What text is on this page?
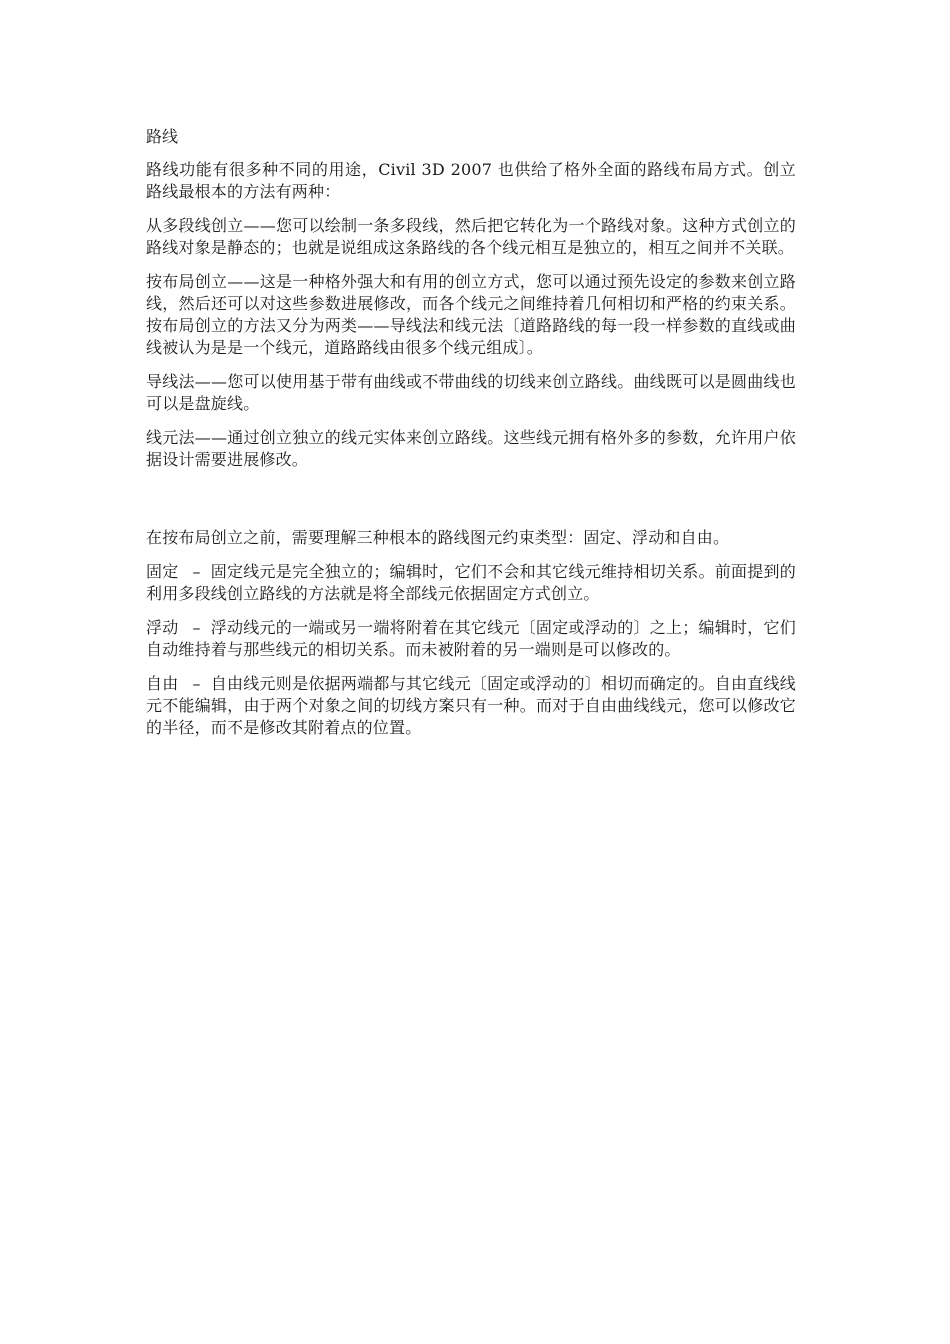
路线

路线功能有很多种不同的用途，Civil 3D 2007 也供给了格外全面的路线布局方式。创立路线最根本的方法有两种：

从多段线创立——您可以绘制一条多段线，然后把它转化为一个路线对象。这种方式创立的路线对象是静态的；也就是说组成这条路线的各个线元相互是独立的，相互之间并不关联。

按布局创立——这是一种格外强大和有用的创立方式，您可以通过预先设定的参数来创立路线，然后还可以对这些参数进展修改，而各个线元之间维持着几何相切和严格的约束关系。按布局创立的方法又分为两类——导线法和线元法〔道路路线的每一段一样参数的直线或曲线被认为是是一个线元，道路路线由很多个线元组成〕。

导线法——您可以使用基于带有曲线或不带曲线的切线来创立路线。曲线既可以是圆曲线也可以是盘旋线。

线元法——通过创立独立的线元实体来创立路线。这些线元拥有格外多的参数，允许用户依据设计需要进展修改。

在按布局创立之前，需要理解三种根本的路线图元约束类型：固定、浮动和自由。

固定 – 固定线元是完全独立的；编辑时，它们不会和其它线元维持相切关系。前面提到的利用多段线创立路线的方法就是将全部线元依据固定方式创立。

浮动 – 浮动线元的一端或另一端将附着在其它线元〔固定或浮动的〕之上；编辑时，它们自动维持着与那些线元的相切关系。而未被附着的另一端则是可以修改的。

自由 – 自由线元则是依据两端都与其它线元〔固定或浮动的〕相切而确定的。自由直线线元不能编辑，由于两个对象之间的切线方案只有一种。而对于自由曲线线元，您可以修改它的半径，而不是修改其附着点的位置。
